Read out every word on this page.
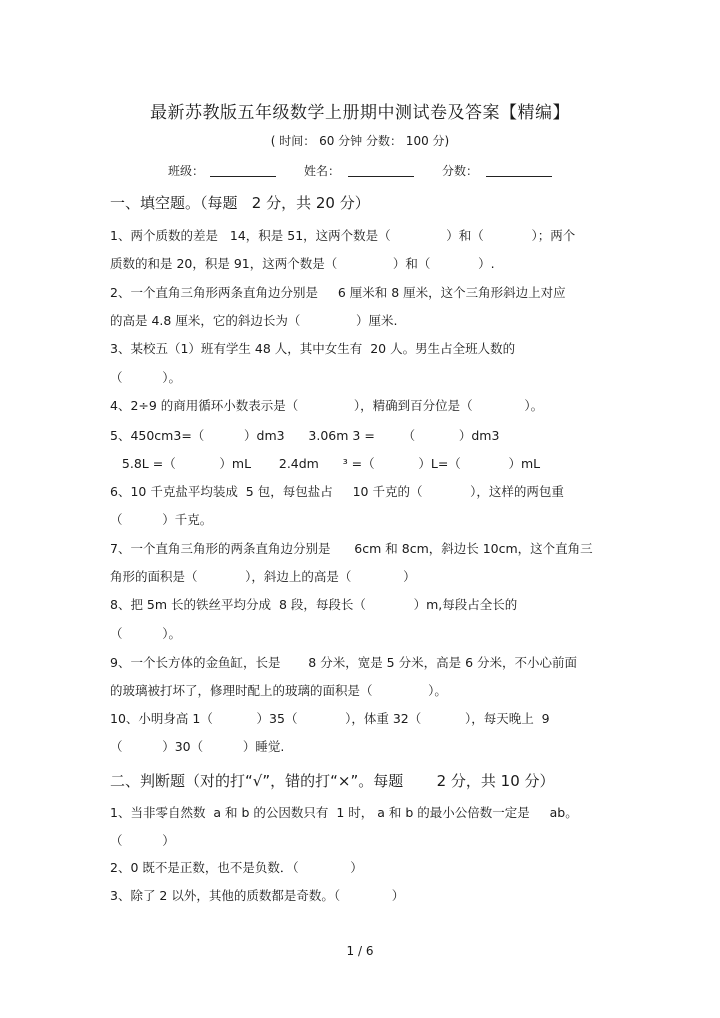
最新苏教版五年级数学上册期中测试卷及答案【精编】
( 时间： 60 分钟 分数： 100 分)
班级：	姓名：	分数：
一、填空题。（每题   2 分，共 20 分）
1、两个质数的差是   14，积是 51，这两个数是（              ）和（            ）；两个
质数的和是 20，积是 91，这两个数是（              ）和（            ）.
2、一个直角三角形两条直角边分别是     6 厘米和 8 厘米，这个三角形斜边上对应
的高是 4.8 厘米，它的斜边长为（              ）厘米.
3、某校五（1）班有学生 48 人，其中女生有  20 人。男生占全班人数的
（          ）。
4、2÷9 的商用循环小数表示是（              ），精确到百分位是（             ）。
5、450cm3=（          ）dm3      3.06m 3 =       （           ）dm3
5.8L =（           ）mL       2.4dm      ³ =（           ）L=（            ）mL
6、10 千克盐平均装成  5 包，每包盐占     10 千克的（            ），这样的两包重
（          ）千克。
7、一个直角三角形的两条直角边分别是      6cm 和 8cm，斜边长 10cm，这个直角三
角形的面积是（            ），斜边上的高是（             ）
8、把 5m 长的铁丝平均分成  8 段，每段长（            ）m,每段占全长的
（          ）。
9、一个长方体的金鱼缸，长是       8 分米，宽是 5 分米，高是 6 分米，不小心前面
的玻璃被打坏了，修理时配上的玻璃的面积是（              ）。
10、小明身高 1（           ）35（            ），体重 32（           ），每天晚上  9
（          ）30（          ）睡觉.
二、判断题（对的打“√”，错的打“×”。每题       2 分，共 10 分）
1、当非零自然数  a 和 b 的公因数只有  1 时， a 和 b 的最小公倍数一定是     ab。
（          ）
2、0 既不是正数，也不是负数．（             ）
3、除了 2 以外，其他的质数都是奇数。（             ）
1 / 6
